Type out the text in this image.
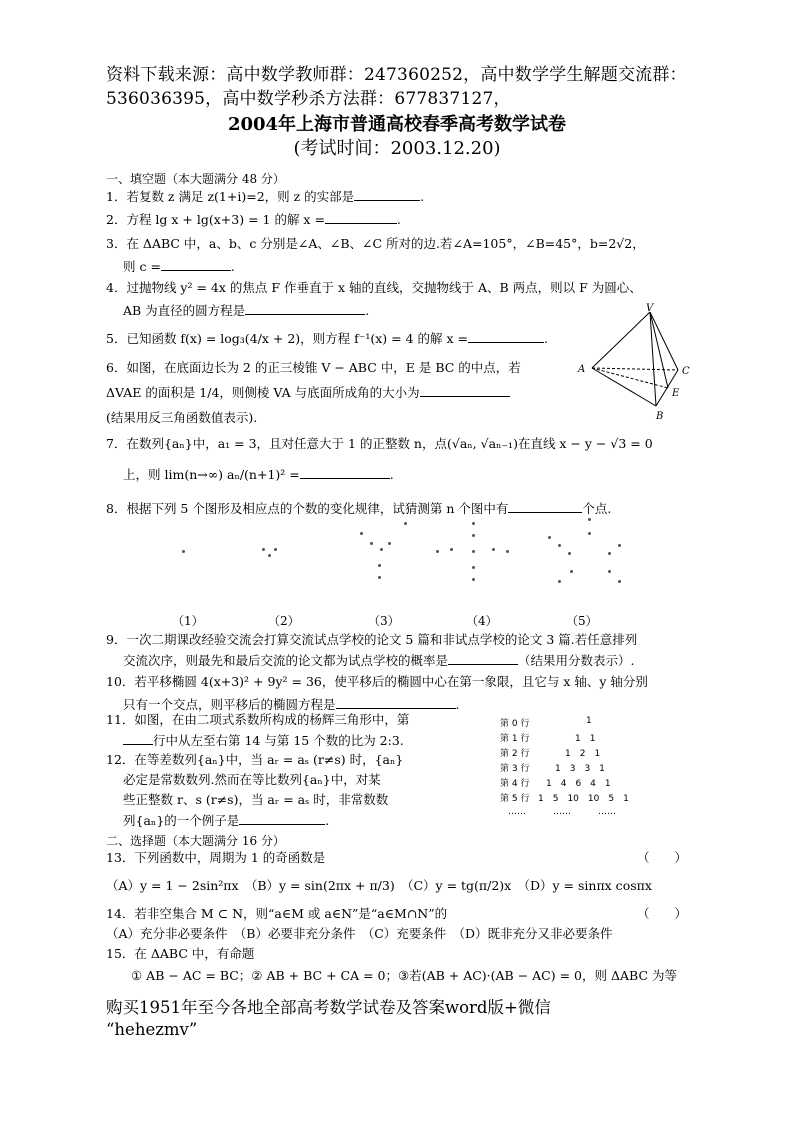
资料下载来源：高中数学教师群：247360252，高中数学学生解题交流群：
536036395，高中数学秒杀方法群：677837127，
2004年上海市普通高校春季高考数学试卷
(考试时间：2003.12.20)
一、填空题（本大题满分 48 分）
1．若复数 z 满足 z(1+i)=2，则 z 的实部是	.
2．方程 lg x + lg(x+3) = 1 的解 x =	.
3．在 ΔABC 中，a、b、c 分别是∠A、∠B、∠C 所对的边.若∠A=105°，∠B=45°，b=2√2，
则 c =	.
4．过抛物线 y² = 4x 的焦点 F 作垂直于 x 轴的直线，交抛物线于 A、B 两点，则以 F 为圆心、
AB 为直径的圆方程是	.
5．已知函数 f(x) = log₃(4/x + 2)，则方程 f⁻¹(x) = 4 的解 x =	.
6．如图，在底面边长为 2 的正三棱锥 V − ABC 中，E 是 BC 的中点，若
ΔVAE 的面积是 1/4，则侧棱 VA 与底面所成角的大小为
(结果用反三角函数值表示).
V
A	C
E
B
7．在数列{aₙ}中，a₁ = 3，且对任意大于 1 的正整数 n，点(√aₙ, √aₙ₋₁)在直线 x − y − √3 = 0
上，则 lim(n→∞) aₙ/(n+1)² =	.
8．根据下列 5 个图形及相应点的个数的变化规律，试猜测第 n 个图中有	个点.
（1）	（2）	（3）	（4）	（5）
9．一次二期课改经验交流会打算交流试点学校的论文 5 篇和非试点学校的论文 3 篇.若任意排列
交流次序，则最先和最后交流的论文都为试点学校的概率是	（结果用分数表示）.
10．若平移椭圆 4(x+3)² + 9y² = 36，使平移后的椭圆中心在第一象限，且它与 x 轴、y 轴分别
只有一个交点，则平移后的椭圆方程是	.
11．如图，在由二项式系数所构成的杨辉三角形中，第
行中从左至右第 14 与第 15 个数的比为 2:3.
12．在等差数列{aₙ}中，当 aᵣ = aₛ (r≠s) 时，{aₙ}
必定是常数数列.然而在等比数列{aₙ}中，对某
些正整数 r、s (r≠s)，当 aᵣ = aₛ 时，非常数数
列{aₙ}的一个例子是	.
第 0 行	1
第 1 行	1　1
第 2 行	1　2　1
第 3 行	1　3　3　1
第 4 行 1　4　6　4　1
第 5 行 1　5　10　10　5　1
……　　　……　　　……
二、选择题（本大题满分 16 分）
13．下列函数中，周期为 1 的奇函数是	（　　）
（A）y = 1 − 2sin²πx　（B）y = sin(2πx + π/3)　（C）y = tg(π/2)x　（D）y = sinπx cosπx
14．若非空集合 M ⊂ N，则“a∈M 或 a∈N”是“a∈M∩N”的	（　　）
（A）充分非必要条件　（B）必要非充分条件　（C）充要条件　（D）既非充分又非必要条件
15．在 ΔABC 中，有命题
① AB − AC = BC；② AB + BC + CA = 0；③若(AB + AC)·(AB − AC) = 0，则 ΔABC 为等
购买1951年至今各地全部高考数学试卷及答案word版+微信
“hehezmv”
